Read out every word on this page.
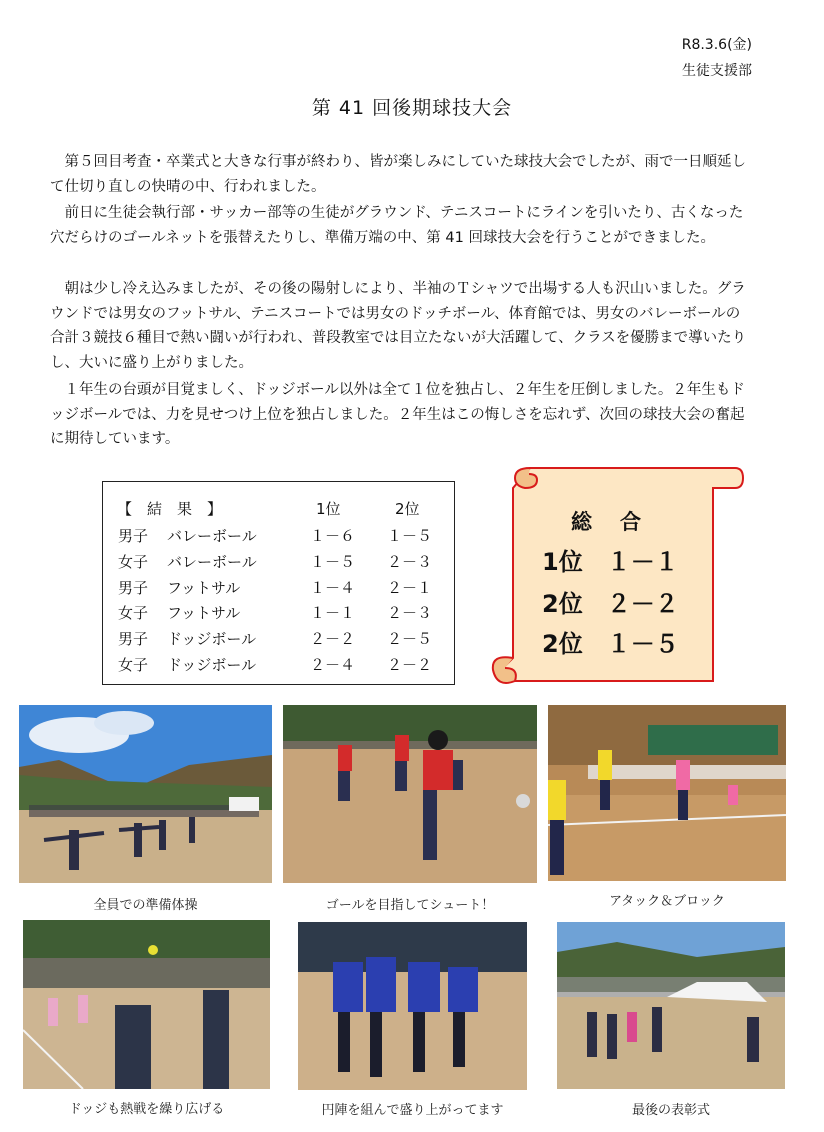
R8.3.6(金)
生徒支援部
第 41 回後期球技大会
　第５回目考査・卒業式と大きな行事が終わり、皆が楽しみにしていた球技大会でしたが、雨で一日順延して仕切り直しの快晴の中、行われました。
　前日に生徒会執行部・サッカー部等の生徒がグラウンド、テニスコートにラインを引いたり、古くなった穴だらけのゴールネットを張替えたりし、準備万端の中、第 41 回球技大会を行うことができました。
　朝は少し冷え込みましたが、その後の陽射しにより、半袖のＴシャツで出場する人も沢山いました。グラウンドでは男女のフットサル、テニスコートでは男女のドッチボール、体育館では、男女のバレーボールの合計３競技６種目で熱い闘いが行われ、普段教室では目立たないが大活躍して、クラスを優勝まで導いたりし、大いに盛り上がりました。
　１年生の台頭が目覚ましく、ドッジボール以外は全て１位を独占し、２年生を圧倒しました。２年生もドッジボールでは、力を見せつけ上位を独占しました。２年生はこの悔しさを忘れず、次回の球技大会の奮起に期待しています。
【　結　果　】	1位	2位
男子 バレーボール	１－６ １－５
女子 バレーボール	１－５ ２－３
男子 フットサル	１－４ ２－１
女子 フットサル	１－１ ２－３
男子 ドッジボール	２－２ ２－５
女子 ドッジボール	２－４ ２－２
総合
1位　１－１
2位　２－２
2位　１－５
全員での準備体操	ゴールを目指してシュート！	アタック＆ブロック
ドッジも熱戦を繰り広げる	円陣を組んで盛り上がってます	最後の表彰式
